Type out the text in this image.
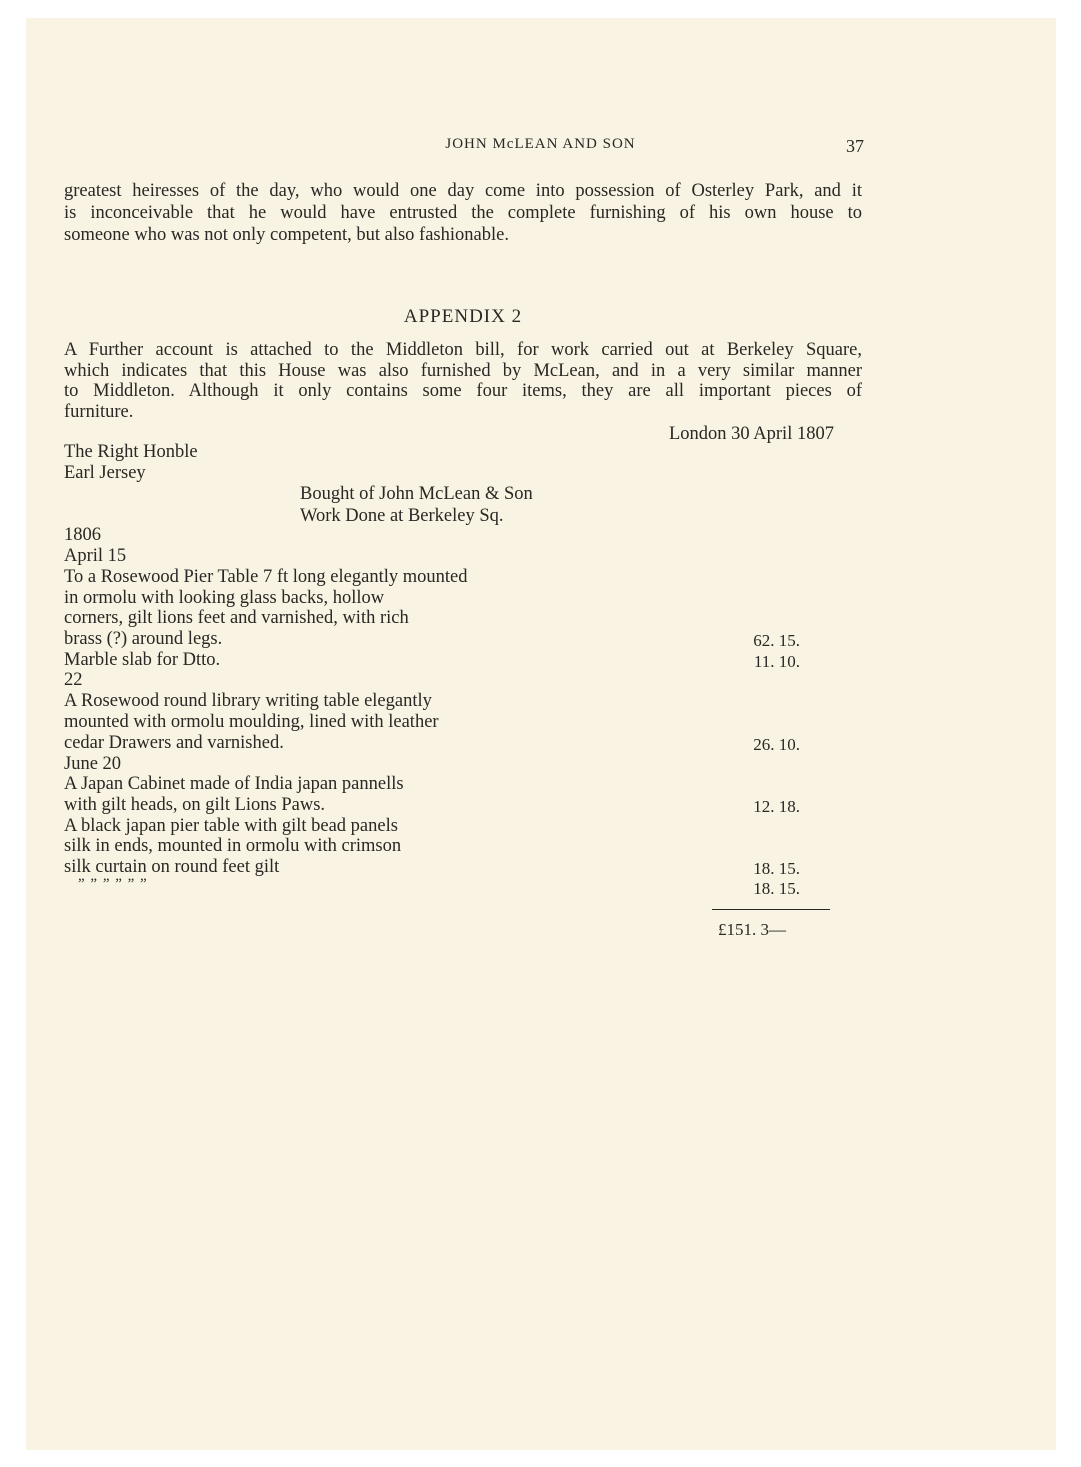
JOHN McLEAN AND SON	37
greatest heiresses of the day, who would one day come into possession of Osterley Park, and it
is inconceivable that he would have entrusted the complete furnishing of his own house to
someone who was not only competent, but also fashionable.
APPENDIX 2
A Further account is attached to the Middleton bill, for work carried out at Berkeley Square,
which indicates that this House was also furnished by McLean, and in a very similar manner
to Middleton. Although it only contains some four items, they are all important pieces of
furniture.
London 30 April 1807
The Right Honble
Earl Jersey
Bought of John McLean & Son
Work Done at Berkeley Sq.
1806
April 15
To a Rosewood Pier Table 7 ft long elegantly mounted
in ormolu with looking glass backs, hollow
corners, gilt lions feet and varnished, with rich
brass (?) around legs.
Marble slab for Dtto.
22
A Rosewood round library writing table elegantly
mounted with ormolu moulding, lined with leather
cedar Drawers and varnished.
June 20
A Japan Cabinet made of India japan pannells
with gilt heads, on gilt Lions Paws.
A black japan pier table with gilt bead panels
silk in ends, mounted in ormolu with crimson
silk curtain on round feet gilt
” ” ” ” ” ”
62. 15.
11. 10.
26. 10.
12. 18.
18. 15.
18. 15.
£151. 3—
